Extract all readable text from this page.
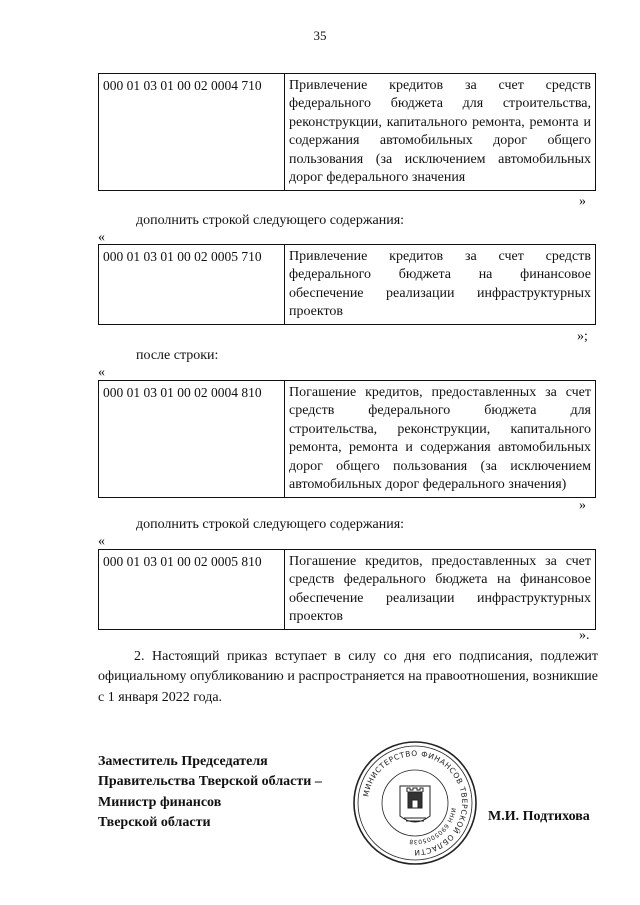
35
000 01 03 01 00 02 0004 710	Привлечение кредитов за счет средств федерального бюджета для строительства, реконструкции, капитального ремонта, ремонта и содержания автомобильных дорог общего пользования (за исключением автомобильных дорог федерального значения
»
дополнить строкой следующего содержания:
«
000 01 03 01 00 02 0005 710	Привлечение кредитов за счет средств федерального бюджета на финансовое обеспечение реализации инфраструктурных проектов
»;
после строки:
«
000 01 03 01 00 02 0004 810	Погашение кредитов, предоставленных за счет средств федерального бюджета для строительства, реконструкции, капитального ремонта, ремонта и содержания автомобильных дорог общего пользования (за исключением автомобильных дорог федерального значения)
»
дополнить строкой следующего содержания:
«
000 01 03 01 00 02 0005 810	Погашение кредитов, предоставленных за счет средств федерального бюджета на финансовое обеспечение реализации инфраструктурных проектов
».
2. Настоящий приказ вступает в силу со дня его подписания, подлежит официальному опубликованию и распространяется на правоотношения, возникшие с 1 января 2022 года.
Заместитель Председателя
Правительства Тверской области –
Министр финансов
Тверской области
МИНИСТЕРСТВО ФИНАНСОВ ТВЕРСКОЙ ОБЛАСТИ
ИНН 6905005038
М.И. Подтихова
